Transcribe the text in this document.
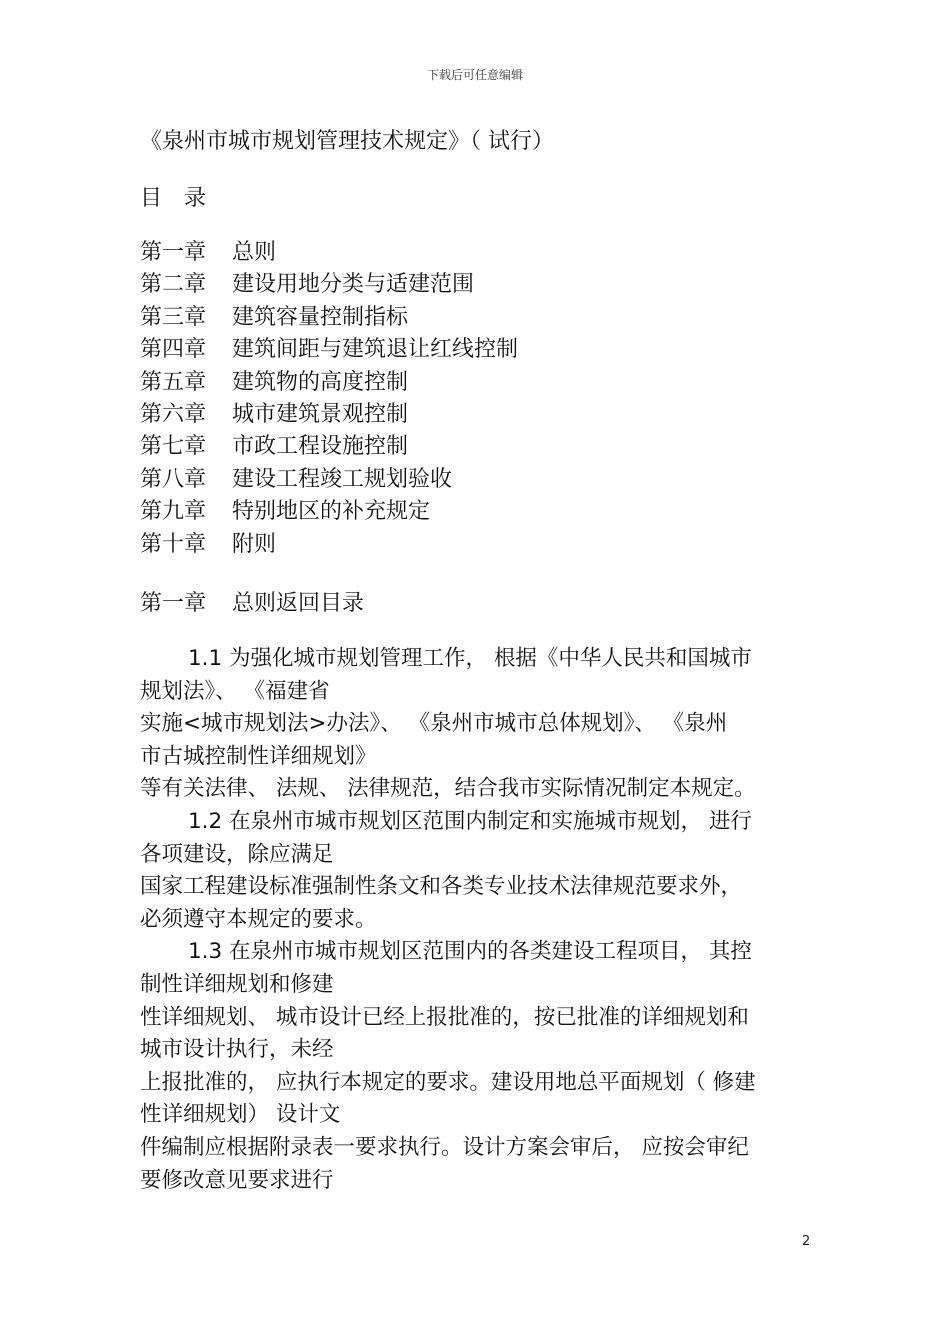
下载后可任意编辑
《泉州市城市规划管理技术规定》（ 试行）
目　录
第一章 总则
第二章 建设用地分类与适建范围
第三章 建筑容量控制指标
第四章 建筑间距与建筑退让红线控制
第五章 建筑物的高度控制
第六章 城市建筑景观控制
第七章 市政工程设施控制
第八章 建设工程竣工规划验收
第九章 特别地区的补充规定
第十章 附则
第一章 总则返回目录
1.1 为强化城市规划管理工作， 根据《中华人民共和国城市
规划法》、 《福建省
实施<城市规划法>办法》、 《泉州市城市总体规划》、 《泉州
市古城控制性详细规划》
等有关法律、 法规、 法律规范，结合我市实际情况制定本规定。
1.2 在泉州市城市规划区范围内制定和实施城市规划， 进行
各项建设，除应满足
国家工程建设标准强制性条文和各类专业技术法律规范要求外，
必须遵守本规定的要求。
1.3 在泉州市城市规划区范围内的各类建设工程项目， 其控
制性详细规划和修建
性详细规划、 城市设计已经上报批准的，按已批准的详细规划和
城市设计执行，未经
上报批准的， 应执行本规定的要求。建设用地总平面规划（ 修建
性详细规划） 设计文
件编制应根据附录表一要求执行。设计方案会审后， 应按会审纪
要修改意见要求进行
2
